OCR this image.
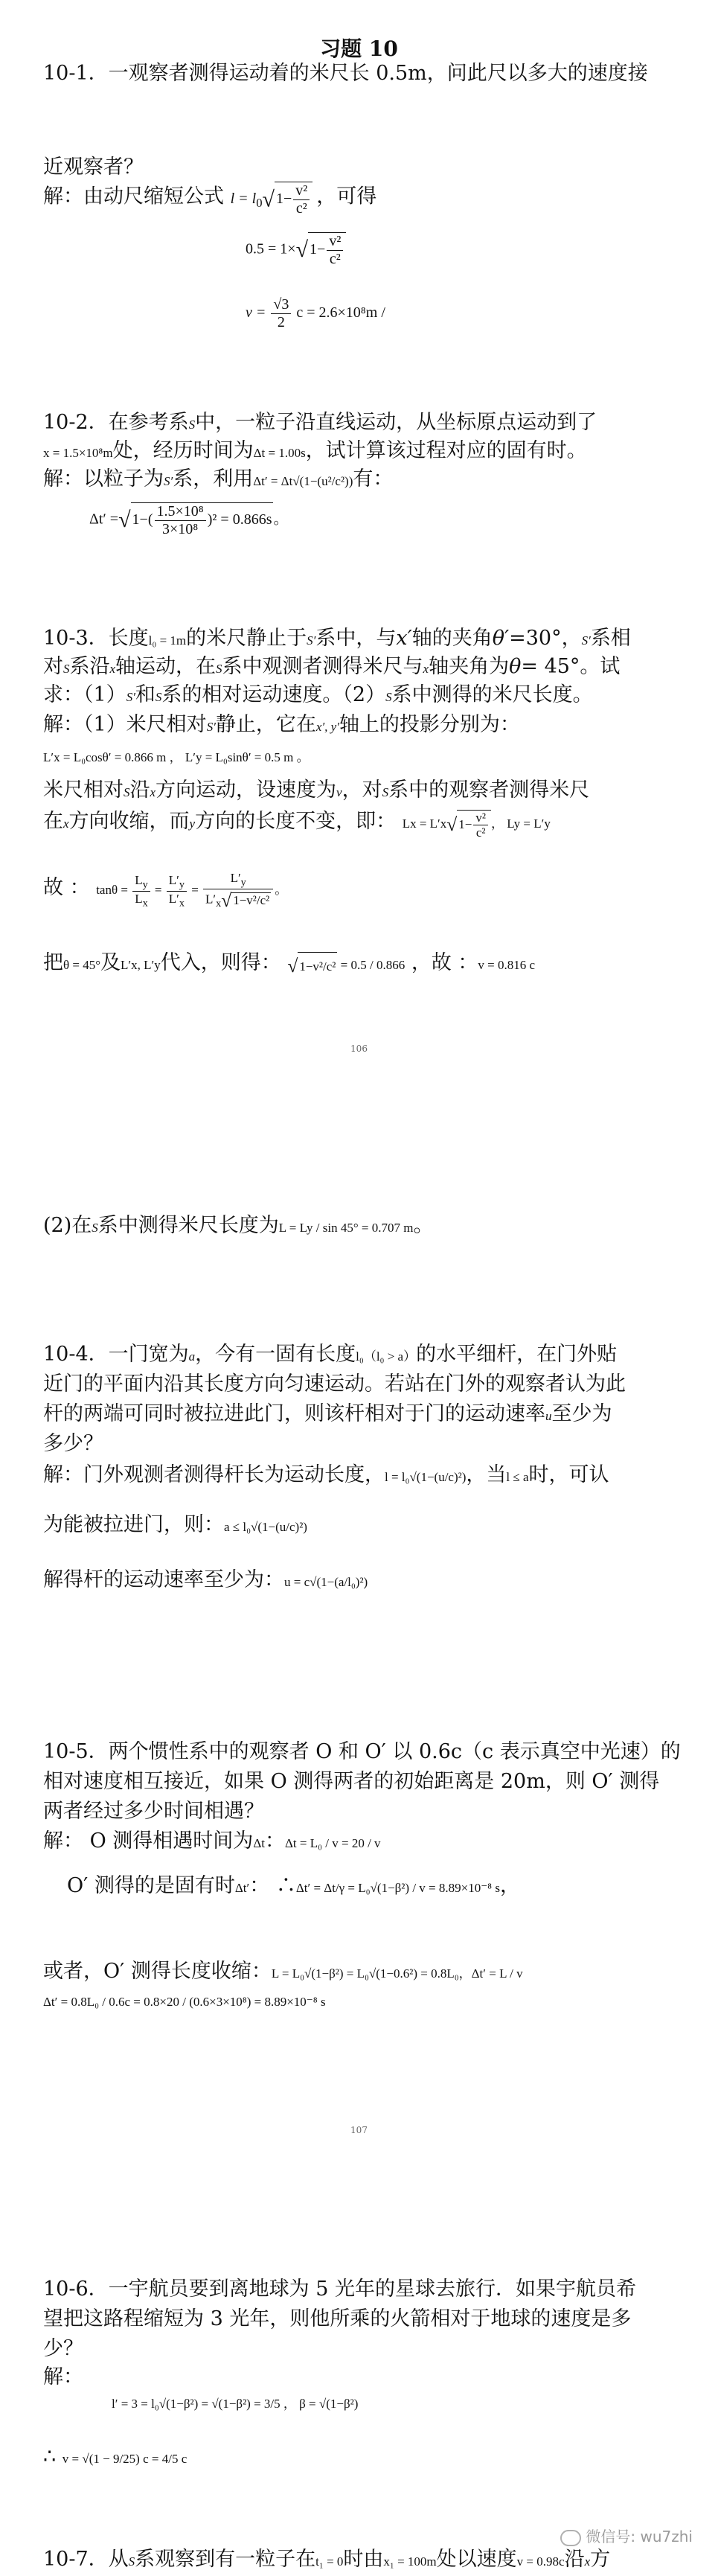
习题 10
10-1．一观察者测得运动着的米尺长 0.5m，问此尺以多大的速度接
近观察者？
解：由动尺缩短公式 $l = l_0√$ $1- \frac{\text{v²}}{\text{c²}}$ ，可得
0.5 = 1×√ $1- \frac{\text{v²}}{\text{c²}}$
$v = \frac{√3}{2}$ c = 2.6×10⁸m /
10-2．在参考系S中，一粒子沿直线运动，从坐标原点运动到了
x = 1.5×10⁸m处，经历时间为Δt = 1.00s，试计算该过程对应的固有时。
解：以粒子为S′系，利用Δt′ = Δt√(1−(u²/c²))有：
Δt′ =√ $1-( \frac{\text{1.5×10⁸}}{\text{3×10⁸}} )^2 = 0.866s$ 。
10-3．长度l₀ = 1m的米尺静止于S′系中，与x′轴的夹角θ′=30°，S′系相
对S系沿x轴运动，在S系中观测者测得米尺与x轴夹角为θ= 45°。试
求：（1）S′和S系的相对运动速度。（2）S系中测得的米尺长度。
解：（1）米尺相对S′静止，它在x′, y′轴上的投影分别为：
L′x = L₀cosθ′ = 0.866 m ， L′y = L₀sinθ′ = 0.5 m 。
米尺相对S沿x方向运动，设速度为v，对S系中的观察者测得米尺
在x方向收缩，而y方向的长度不变，即： Lx = L′x√ $1- \frac{\text{v²}}{\text{c²}}$ ， Ly = L′y
故 ： $\tan\theta = \frac{L_y}{L_x} = \frac{L'_y}{L'_x} = \frac{L'_y}{L'_x√ 1-v^2/c^2}$ 。
把θ = 45°及L′x, L′y代入，则得： √ 1−v²/c² = 0.5 / 0.866 ，故 ：v = 0.816 c
106
(2)在S系中测得米尺长度为L = Ly / sin 45° = 0.707 m。
10-4．一门宽为a，今有一固有长度l₀（l₀ > a）的水平细杆，在门外贴
近门的平面内沿其长度方向匀速运动。若站在门外的观察者认为此
杆的两端可同时被拉进此门，则该杆相对于门的运动速率u至少为
多少？
解：门外观测者测得杆长为运动长度，l = l₀√(1−(u/c)²)，当l ≤ a时，可认
为能被拉进门，则：a ≤ l₀√(1−(u/c)²)
解得杆的运动速率至少为：u = c√(1−(a/l₀)²)
10-5．两个惯性系中的观察者 O 和 O′ 以 0.6c（c 表示真空中光速）的
相对速度相互接近，如果 O 测得两者的初始距离是 20m，则 O′ 测得
两者经过多少时间相遇？
解： O 测得相遇时间为Δt：Δt = L₀ / v = 20 / v
O′ 测得的是固有时Δt′： ∴Δt′ = Δt/γ = L₀√(1−β²) / v = 8.89×10⁻⁸ s，
或者，O′ 测得长度收缩：L = L₀√(1−β²) = L₀√(1−0.6²) = 0.8L₀，Δt′ = L / v
Δt′ = 0.8L₀ / 0.6c = 0.8×20 / (0.6×3×10⁸) = 8.89×10⁻⁸ s
107
10-6．一宇航员要到离地球为 5 光年的星球去旅行．如果宇航员希
望把这路程缩短为 3 光年，则他所乘的火箭相对于地球的速度是多
少？
解：
l′ = 3 = l₀√(1−β²) = √(1−β²) = 3/5 ， β = √(1−β²)
∴ v = √(1 − 9/25) c = 4/5 c
10-7．从S系观察到有一粒子在t₁ = 0时由x₁ = 100m处以速度v = 0.98c沿x方
微信号: wu7zhi
